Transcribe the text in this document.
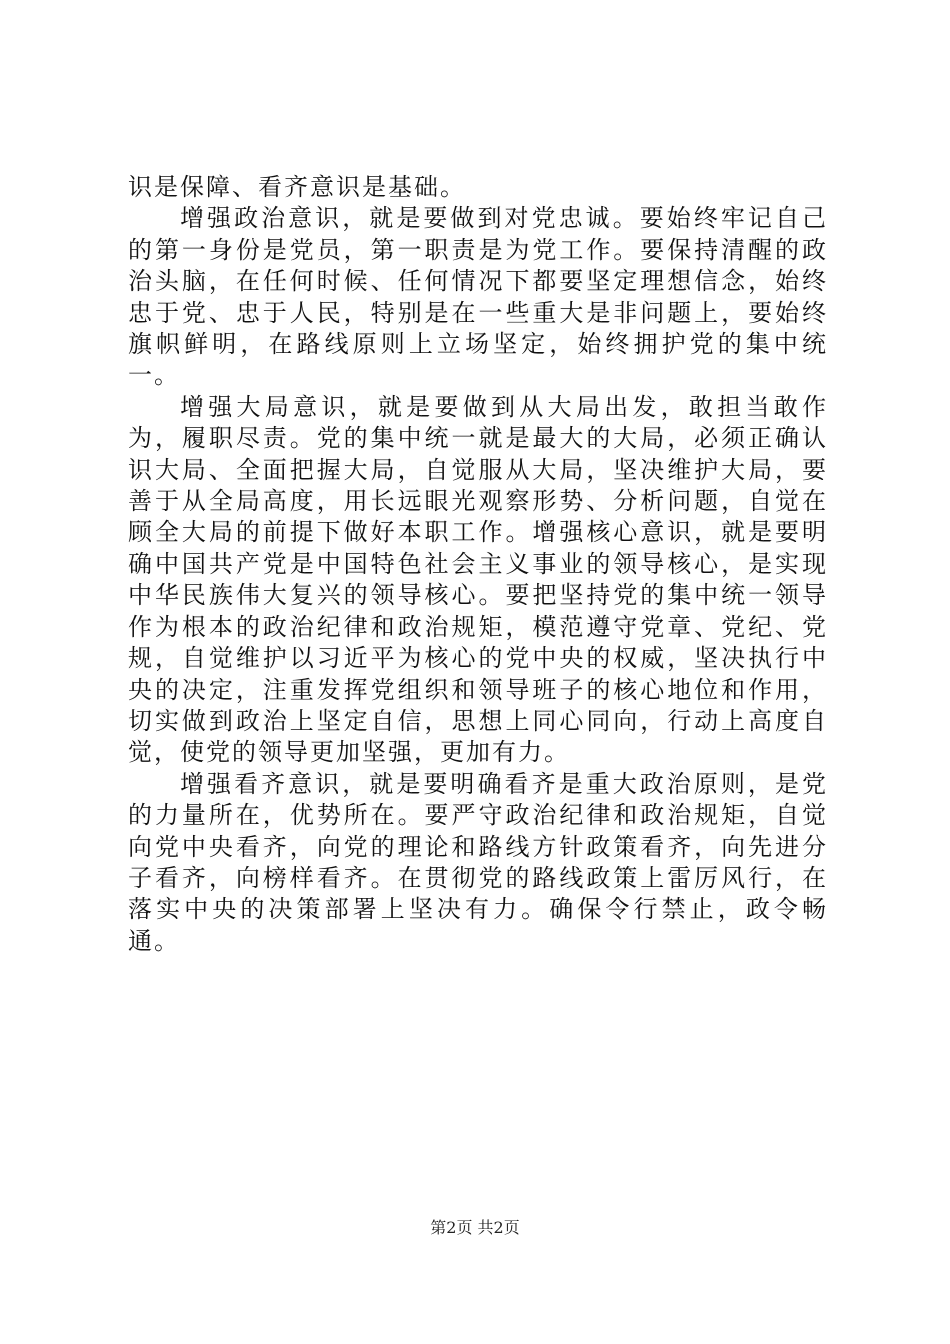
识是保障、看齐意识是基础。

增强政治意识，就是要做到对党忠诚。要始终牢记自己的第一身份是党员，第一职责是为党工作。要保持清醒的政治头脑，在任何时候、任何情况下都要坚定理想信念，始终忠于党、忠于人民，特别是在一些重大是非问题上，要始终旗帜鲜明，在路线原则上立场坚定，始终拥护党的集中统一。

增强大局意识，就是要做到从大局出发，敢担当敢作为，履职尽责。党的集中统一就是最大的大局，必须正确认识大局、全面把握大局，自觉服从大局，坚决维护大局，要善于从全局高度，用长远眼光观察形势、分析问题，自觉在顾全大局的前提下做好本职工作。增强核心意识，就是要明确中国共产党是中国特色社会主义事业的领导核心，是实现中华民族伟大复兴的领导核心。要把坚持党的集中统一领导作为根本的政治纪律和政治规矩，模范遵守党章、党纪、党规，自觉维护以习近平为核心的党中央的权威，坚决执行中央的决定，注重发挥党组织和领导班子的核心地位和作用，切实做到政治上坚定自信，思想上同心同向，行动上高度自觉，使党的领导更加坚强，更加有力。

增强看齐意识，就是要明确看齐是重大政治原则，是党的力量所在，优势所在。要严守政治纪律和政治规矩，自觉向党中央看齐，向党的理论和路线方针政策看齐，向先进分子看齐，向榜样看齐。在贯彻党的路线政策上雷厉风行，在落实中央的决策部署上坚决有力。确保令行禁止，政令畅通。

第2页 共2页
